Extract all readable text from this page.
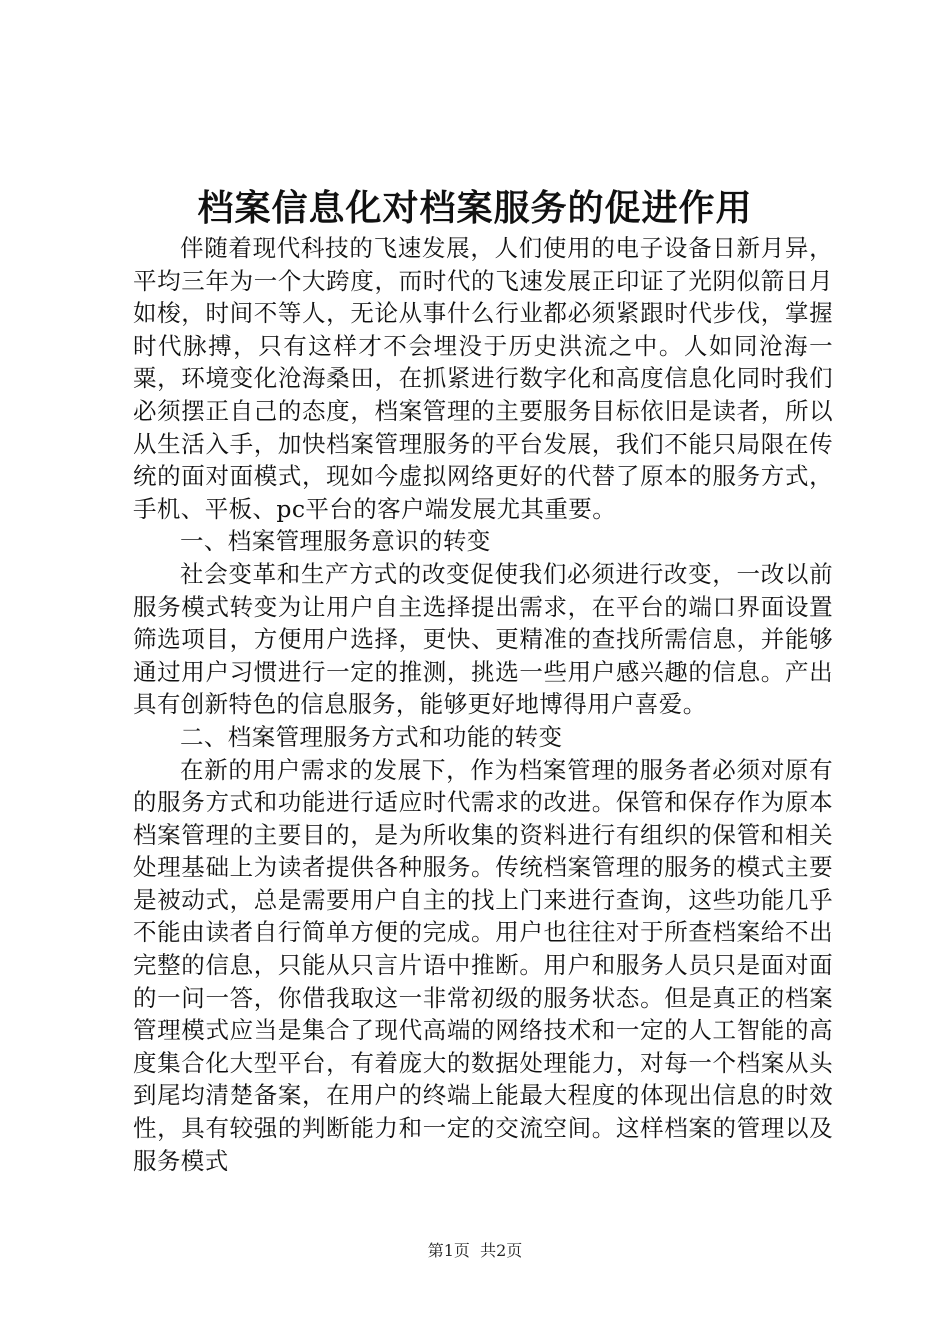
档案信息化对档案服务的促进作用

伴随着现代科技的飞速发展，人们使用的电子设备日新月异，平均三年为一个大跨度，而时代的飞速发展正印证了光阴似箭日月如梭，时间不等人，无论从事什么行业都必须紧跟时代步伐，掌握时代脉搏，只有这样才不会埋没于历史洪流之中。人如同沧海一粟，环境变化沧海桑田，在抓紧进行数字化和高度信息化同时我们必须摆正自己的态度，档案管理的主要服务目标依旧是读者，所以从生活入手，加快档案管理服务的平台发展，我们不能只局限在传统的面对面模式，现如今虚拟网络更好的代替了原本的服务方式，手机、平板、pc平台的客户端发展尤其重要。

一、档案管理服务意识的转变

社会变革和生产方式的改变促使我们必须进行改变，一改以前服务模式转变为让用户自主选择提出需求，在平台的端口界面设置筛选项目，方便用户选择，更快、更精准的查找所需信息，并能够通过用户习惯进行一定的推测，挑选一些用户感兴趣的信息。产出具有创新特色的信息服务，能够更好地博得用户喜爱。

二、档案管理服务方式和功能的转变

在新的用户需求的发展下，作为档案管理的服务者必须对原有的服务方式和功能进行适应时代需求的改进。保管和保存作为原本档案管理的主要目的，是为所收集的资料进行有组织的保管和相关处理基础上为读者提供各种服务。传统档案管理的服务的模式主要是被动式，总是需要用户自主的找上门来进行查询，这些功能几乎不能由读者自行简单方便的完成。用户也往往对于所查档案给不出完整的信息，只能从只言片语中推断。用户和服务人员只是面对面的一问一答，你借我取这一非常初级的服务状态。但是真正的档案管理模式应当是集合了现代高端的网络技术和一定的人工智能的高度集合化大型平台，有着庞大的数据处理能力，对每一个档案从头到尾均清楚备案，在用户的终端上能最大程度的体现出信息的时效性，具有较强的判断能力和一定的交流空间。这样档案的管理以及服务模式

第1页 共2页
